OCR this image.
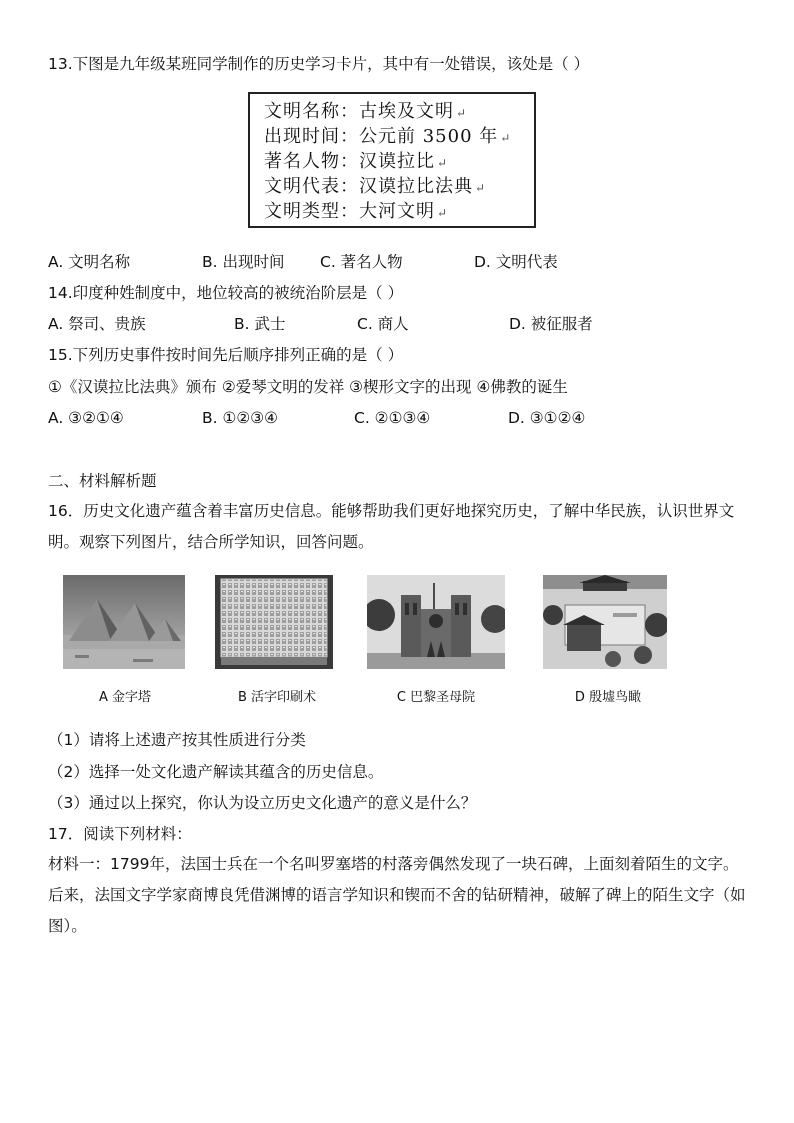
13.下图是九年级某班同学制作的历史学习卡片，其中有一处错误，该处是（ ）
文明名称：古埃及文明 ↵
出现时间：公元前 3500 年 ↵
著名人物：汉谟拉比 ↵
文明代表：汉谟拉比法典 ↵
文明类型：大河文明 ↵
A. 文明名称	B. 出现时间 C. 著名人物	D. 文明代表
14.印度种姓制度中，地位较高的被统治阶层是（ ）
A. 祭司、贵族	B. 武士	C. 商人	D. 被征服者
15.下列历史事件按时间先后顺序排列正确的是（ ）
①《汉谟拉比法典》颁布 ②爱琴文明的发祥 ③楔形文字的出现 ④佛教的诞生
A. ③②①④	B. ①②③④	C. ②①③④	D. ③①②④
二、材料解析题
16．历史文化遗产蕴含着丰富历史信息。能够帮助我们更好地探究历史，了解中华民族，认识世界文明。观察下列图片，结合所学知识，回答问题。
A 金字塔	B 活字印刷术	C 巴黎圣母院	D 殷墟鸟瞰
（1）请将上述遗产按其性质进行分类
（2）选择一处文化遗产解读其蕴含的历史信息。
（3）通过以上探究，你认为设立历史文化遗产的意义是什么？
17．阅读下列材料：
材料一：1799年，法国士兵在一个名叫罗塞塔的村落旁偶然发现了一块石碑，上面刻着陌生的文字。后来，法国文字学家商博良凭借渊博的语言学知识和锲而不舍的钻研精神，破解了碑上的陌生文字（如图）。
